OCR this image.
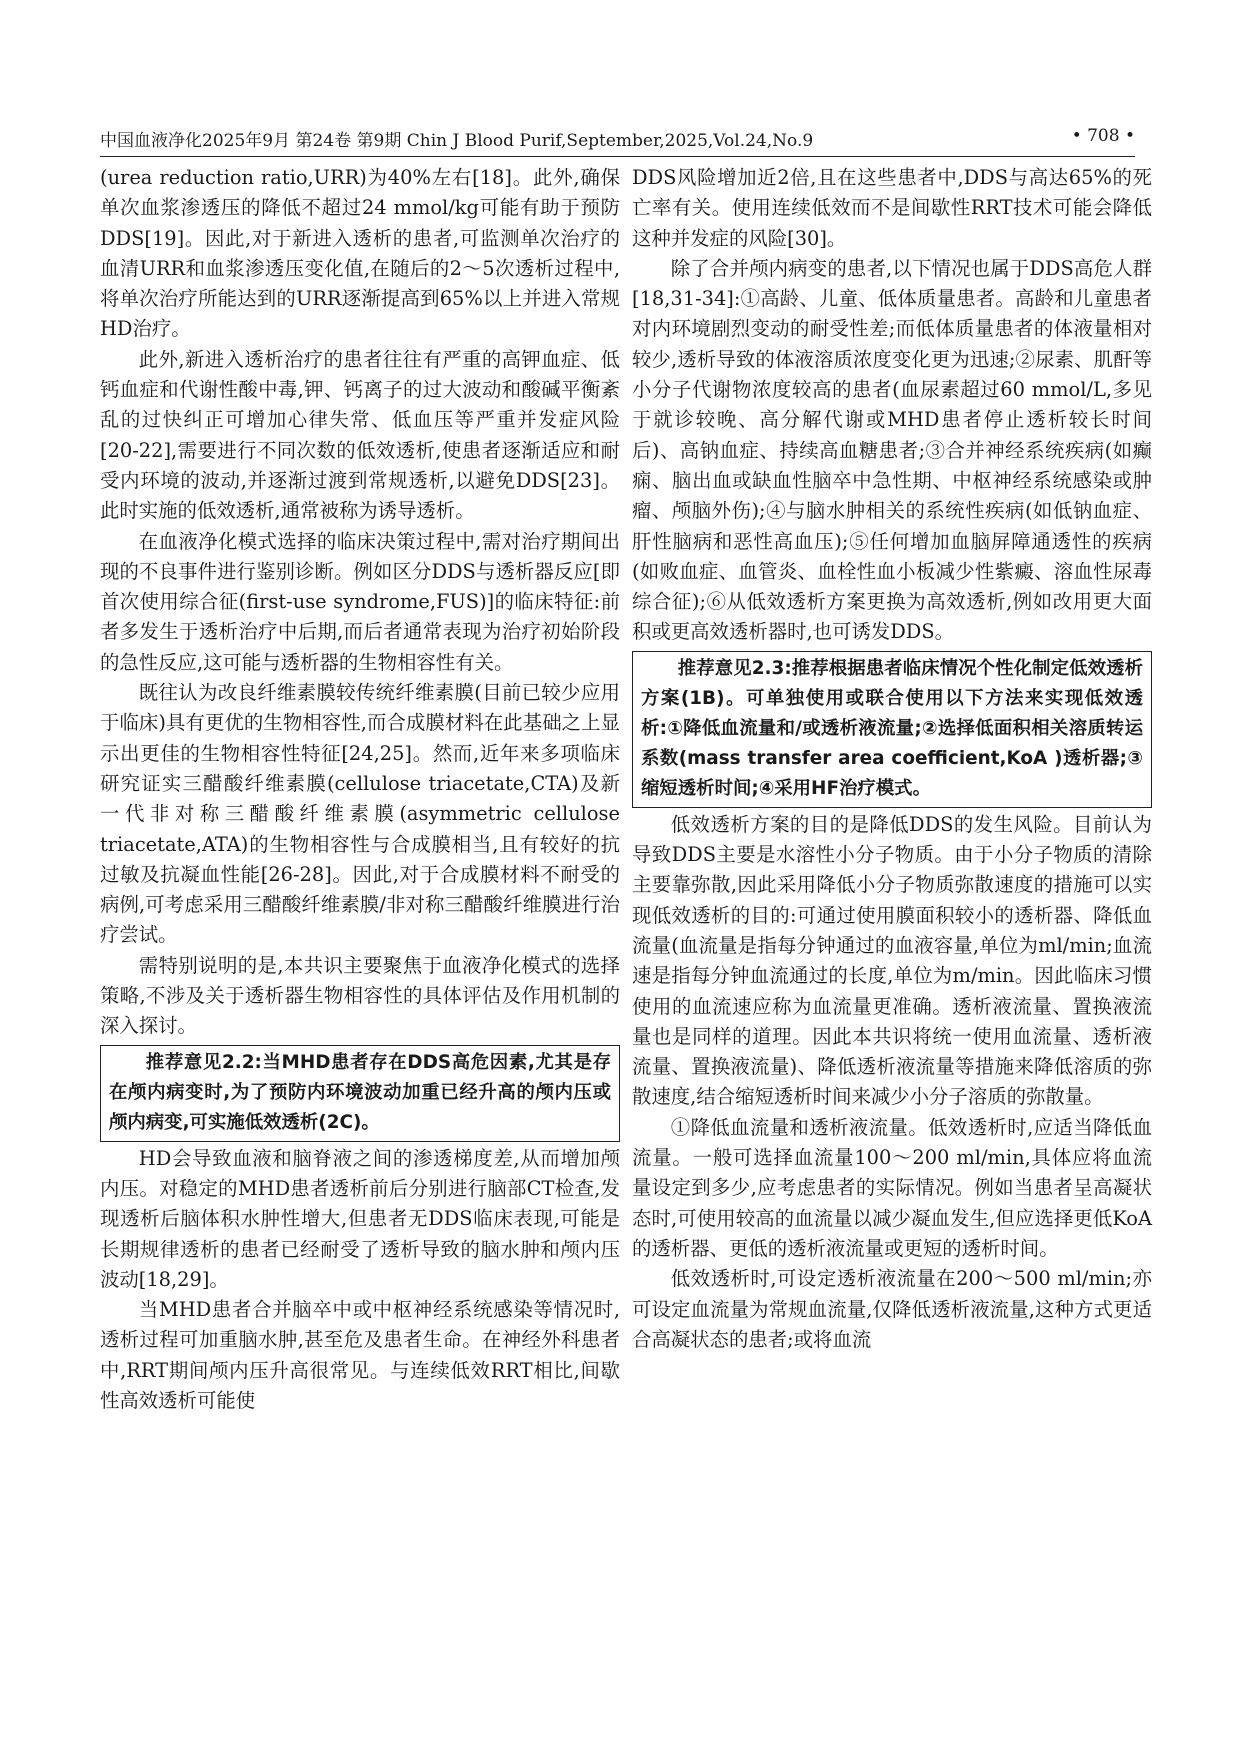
中国血液净化2025年9月 第24卷 第9期 Chin J Blood Purif,September,2025,Vol.24,No.9	• 708 •

(urea reduction ratio,URR)为40%左右[18]。此外,确保单次血浆渗透压的降低不超过24 mmol/kg可能有助于预防DDS[19]。因此,对于新进入透析的患者,可监测单次治疗的血清URR和血浆渗透压变化值,在随后的2～5次透析过程中,将单次治疗所能达到的URR逐渐提高到65%以上并进入常规HD治疗。

此外,新进入透析治疗的患者往往有严重的高钾血症、低钙血症和代谢性酸中毒,钾、钙离子的过大波动和酸碱平衡紊乱的过快纠正可增加心律失常、低血压等严重并发症风险[20-22],需要进行不同次数的低效透析,使患者逐渐适应和耐受内环境的波动,并逐渐过渡到常规透析,以避免DDS[23]。此时实施的低效透析,通常被称为诱导透析。

在血液净化模式选择的临床决策过程中,需对治疗期间出现的不良事件进行鉴别诊断。例如区分DDS与透析器反应[即首次使用综合征(first-use syndrome,FUS)]的临床特征:前者多发生于透析治疗中后期,而后者通常表现为治疗初始阶段的急性反应,这可能与透析器的生物相容性有关。

既往认为改良纤维素膜较传统纤维素膜(目前已较少应用于临床)具有更优的生物相容性,而合成膜材料在此基础之上显示出更佳的生物相容性特征[24,25]。然而,近年来多项临床研究证实三醋酸纤维素膜(cellulose triacetate,CTA)及新一代非对称三醋酸纤维素膜(asymmetric cellulose triacetate,ATA)的生物相容性与合成膜相当,且有较好的抗过敏及抗凝血性能[26-28]。因此,对于合成膜材料不耐受的病例,可考虑采用三醋酸纤维素膜/非对称三醋酸纤维膜进行治疗尝试。

需特别说明的是,本共识主要聚焦于血液净化模式的选择策略,不涉及关于透析器生物相容性的具体评估及作用机制的深入探讨。

推荐意见2.2:当MHD患者存在DDS高危因素,尤其是存在颅内病变时,为了预防内环境波动加重已经升高的颅内压或颅内病变,可实施低效透析(2C)。

HD会导致血液和脑脊液之间的渗透梯度差,从而增加颅内压。对稳定的MHD患者透析前后分别进行脑部CT检查,发现透析后脑体积水肿性增大,但患者无DDS临床表现,可能是长期规律透析的患者已经耐受了透析导致的脑水肿和颅内压波动[18,29]。

当MHD患者合并脑卒中或中枢神经系统感染等情况时,透析过程可加重脑水肿,甚至危及患者生命。在神经外科患者中,RRT期间颅内压升高很常见。与连续低效RRT相比,间歇性高效透析可能使

DDS风险增加近2倍,且在这些患者中,DDS与高达65%的死亡率有关。使用连续低效而不是间歇性RRT技术可能会降低这种并发症的风险[30]。

除了合并颅内病变的患者,以下情况也属于DDS高危人群[18,31-34]:①高龄、儿童、低体质量患者。高龄和儿童患者对内环境剧烈变动的耐受性差;而低体质量患者的体液量相对较少,透析导致的体液溶质浓度变化更为迅速;②尿素、肌酐等小分子代谢物浓度较高的患者(血尿素超过60 mmol/L,多见于就诊较晚、高分解代谢或MHD患者停止透析较长时间后)、高钠血症、持续高血糖患者;③合并神经系统疾病(如癫痫、脑出血或缺血性脑卒中急性期、中枢神经系统感染或肿瘤、颅脑外伤);④与脑水肿相关的系统性疾病(如低钠血症、肝性脑病和恶性高血压);⑤任何增加血脑屏障通透性的疾病(如败血症、血管炎、血栓性血小板减少性紫癜、溶血性尿毒综合征);⑥从低效透析方案更换为高效透析,例如改用更大面积或更高效透析器时,也可诱发DDS。

推荐意见2.3:推荐根据患者临床情况个性化制定低效透析方案(1B)。可单独使用或联合使用以下方法来实现低效透析:①降低血流量和/或透析液流量;②选择低面积相关溶质转运系数(mass transfer area coefficient,KoA )透析器;③缩短透析时间;④采用HF治疗模式。

低效透析方案的目的是降低DDS的发生风险。目前认为导致DDS主要是水溶性小分子物质。由于小分子物质的清除主要靠弥散,因此采用降低小分子物质弥散速度的措施可以实现低效透析的目的:可通过使用膜面积较小的透析器、降低血流量(血流量是指每分钟通过的血液容量,单位为ml/min;血流速是指每分钟血流通过的长度,单位为m/min。因此临床习惯使用的血流速应称为血流量更准确。透析液流量、置换液流量也是同样的道理。因此本共识将统一使用血流量、透析液流量、置换液流量)、降低透析液流量等措施来降低溶质的弥散速度,结合缩短透析时间来减少小分子溶质的弥散量。

①降低血流量和透析液流量。低效透析时,应适当降低血流量。一般可选择血流量100～200 ml/min,具体应将血流量设定到多少,应考虑患者的实际情况。例如当患者呈高凝状态时,可使用较高的血流量以减少凝血发生,但应选择更低KoA的透析器、更低的透析液流量或更短的透析时间。

低效透析时,可设定透析液流量在200～500 ml/min;亦可设定血流量为常规血流量,仅降低透析液流量,这种方式更适合高凝状态的患者;或将血流
